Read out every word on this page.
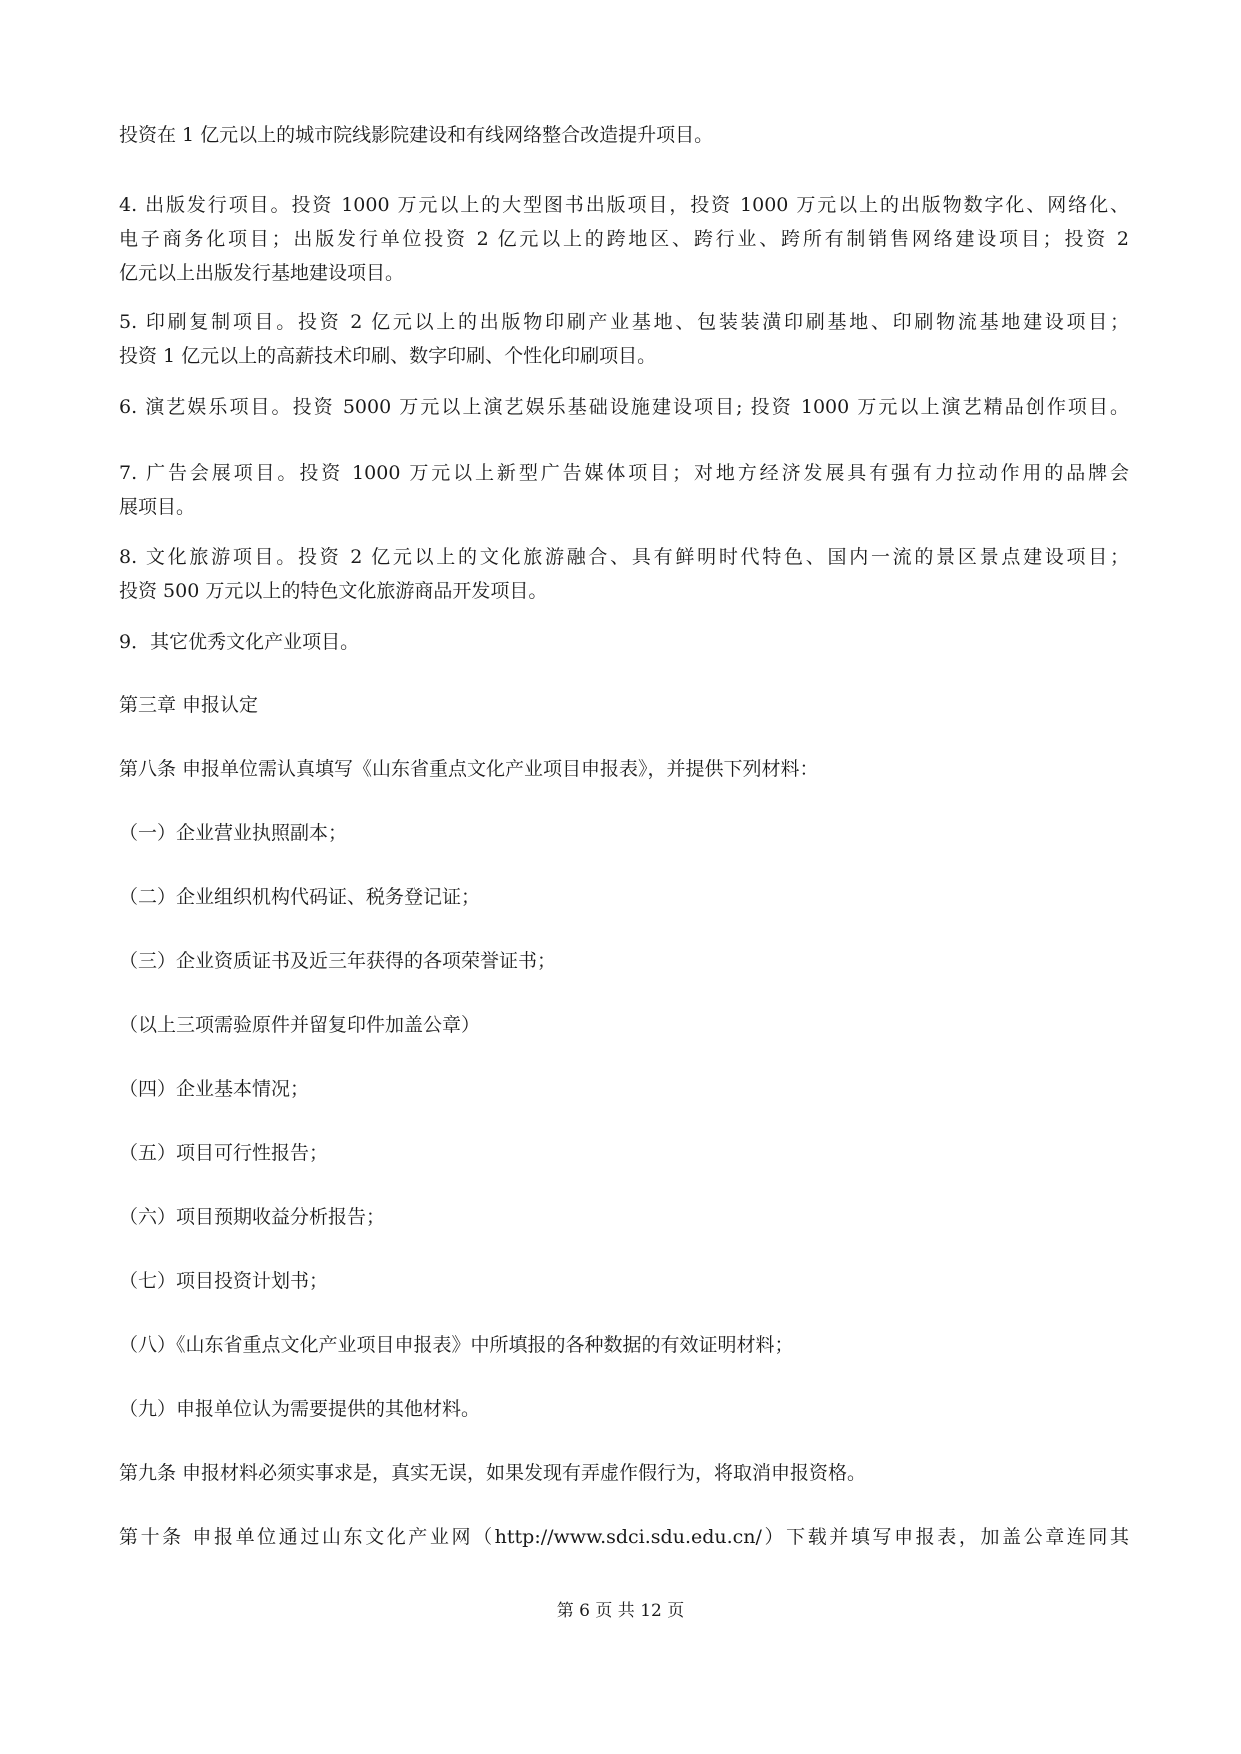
投资在 1 亿元以上的城市院线影院建设和有线网络整合改造提升项目。

4. 出版发行项目。投资 1000 万元以上的大型图书出版项目，投资 1000 万元以上的出版物数字化、网络化、
电子商务化项目；出版发行单位投资 2 亿元以上的跨地区、跨行业、跨所有制销售网络建设项目；投资 2
亿元以上出版发行基地建设项目。

5. 印刷复制项目。投资 2 亿元以上的出版物印刷产业基地、包装装潢印刷基地、印刷物流基地建设项目；
投资 1 亿元以上的高薪技术印刷、数字印刷、个性化印刷项目。

6. 演艺娱乐项目。投资 5000 万元以上演艺娱乐基础设施建设项目; 投资 1000 万元以上演艺精品创作项目。

7. 广告会展项目。投资 1000 万元以上新型广告媒体项目；对地方经济发展具有强有力拉动作用的品牌会
展项目。

8. 文化旅游项目。投资 2 亿元以上的文化旅游融合、具有鲜明时代特色、国内一流的景区景点建设项目；
投资 500 万元以上的特色文化旅游商品开发项目。

9．其它优秀文化产业项目。

第三章 申报认定

第八条 申报单位需认真填写《山东省重点文化产业项目申报表》，并提供下列材料：

（一）企业营业执照副本；

（二）企业组织机构代码证、税务登记证；

（三）企业资质证书及近三年获得的各项荣誉证书；

（以上三项需验原件并留复印件加盖公章）

（四）企业基本情况；

（五）项目可行性报告；

（六）项目预期收益分析报告；

（七）项目投资计划书；

（八）《山东省重点文化产业项目申报表》中所填报的各种数据的有效证明材料；

（九）申报单位认为需要提供的其他材料。

第九条 申报材料必须实事求是，真实无误，如果发现有弄虚作假行为，将取消申报资格。

第十条 申报单位通过山东文化产业网（http://www.sdci.sdu.edu.cn/）下载并填写申报表，加盖公章连同其

第 6 页 共 12 页
